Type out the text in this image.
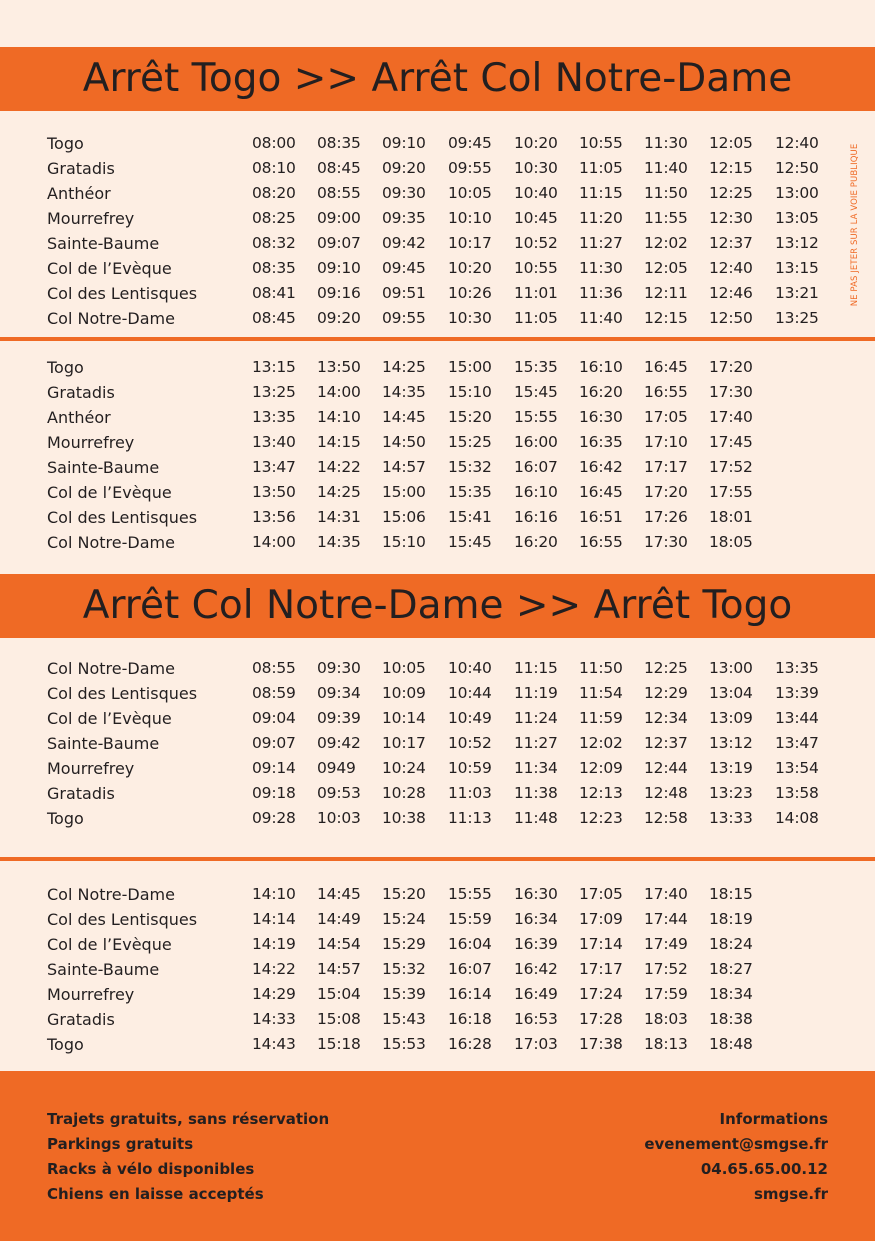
Arrêt Togo >> Arrêt Col Notre-Dame
Togo	08:00 08:35 09:10 09:45 10:20 10:55 11:30 12:05 12:40
Gratadis	08:10 08:45 09:20 09:55 10:30 11:05 11:40 12:15 12:50
Anthéor	08:20 08:55 09:30 10:05 10:40 11:15 11:50 12:25 13:00
Mourrefrey	08:25 09:00 09:35 10:10 10:45 11:20 11:55 12:30 13:05
Sainte-Baume	08:32 09:07 09:42 10:17 10:52 11:27 12:02 12:37 13:12
Col de l’Evèque	08:35 09:10 09:45 10:20 10:55 11:30 12:05 12:40 13:15
Col des Lentisques	08:41 09:16 09:51 10:26 11:01 11:36 12:11 12:46 13:21
Col Notre-Dame	08:45 09:20 09:55 10:30 11:05 11:40 12:15 12:50 13:25
Togo	13:15 13:50 14:25 15:00 15:35 16:10 16:45 17:20
Gratadis	13:25 14:00 14:35 15:10 15:45 16:20 16:55 17:30
Anthéor	13:35 14:10 14:45 15:20 15:55 16:30 17:05 17:40
Mourrefrey	13:40 14:15 14:50 15:25 16:00 16:35 17:10 17:45
Sainte-Baume	13:47 14:22 14:57 15:32 16:07 16:42 17:17 17:52
Col de l’Evèque	13:50 14:25 15:00 15:35 16:10 16:45 17:20 17:55
Col des Lentisques	13:56 14:31 15:06 15:41 16:16 16:51 17:26 18:01
Col Notre-Dame	14:00 14:35 15:10 15:45 16:20 16:55 17:30 18:05
Arrêt Col Notre-Dame >> Arrêt Togo
Col Notre-Dame	08:55 09:30 10:05 10:40 11:15 11:50 12:25 13:00 13:35
Col des Lentisques	08:59 09:34 10:09 10:44 11:19 11:54 12:29 13:04 13:39
Col de l’Evèque	09:04 09:39 10:14 10:49 11:24 11:59 12:34 13:09 13:44
Sainte-Baume	09:07 09:42 10:17 10:52 11:27 12:02 12:37 13:12 13:47
Mourrefrey	09:14 0949 10:24 10:59 11:34 12:09 12:44 13:19 13:54
Gratadis	09:18 09:53 10:28 11:03 11:38 12:13 12:48 13:23 13:58
Togo	09:28 10:03 10:38 11:13 11:48 12:23 12:58 13:33 14:08
Col Notre-Dame	14:10 14:45 15:20 15:55 16:30 17:05 17:40 18:15
Col des Lentisques	14:14 14:49 15:24 15:59 16:34 17:09 17:44 18:19
Col de l’Evèque	14:19 14:54 15:29 16:04 16:39 17:14 17:49 18:24
Sainte-Baume	14:22 14:57 15:32 16:07 16:42 17:17 17:52 18:27
Mourrefrey	14:29 15:04 15:39 16:14 16:49 17:24 17:59 18:34
Gratadis	14:33 15:08 15:43 16:18 16:53 17:28 18:03 18:38
Togo	14:43 15:18 15:53 16:28 17:03 17:38 18:13 18:48
NE PAS JETER SUR LA VOIE PUBLIQUE
Trajets gratuits, sans réservation
Parkings gratuits
Racks à vélo disponibles
Chiens en laisse acceptés
Informations
evenement@smgse.fr
04.65.65.00.12
smgse.fr
